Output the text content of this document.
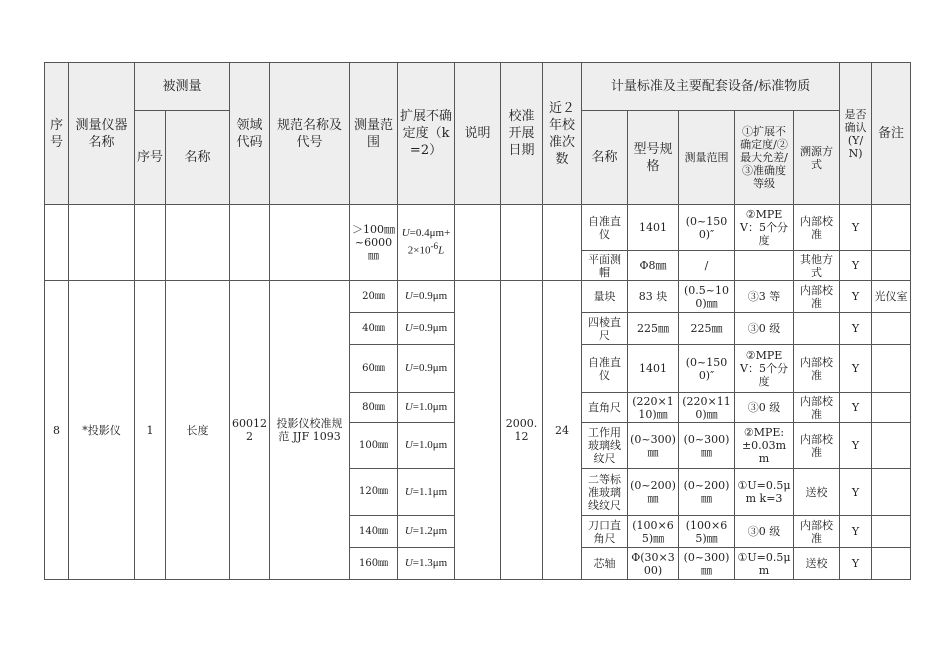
序号	测量仪器名称	被测量		领域代码	规范名称及代号	测量范围	扩展不确定度（k=2）	说明	校准开展日期	近２年校准次数	计量标准及主要配套设备/标准物质					是否确认(Y/N)	备注
		序号	名称								名称	型号规格	测量范围	①扩展不确定度/②最大允差/③准确度等级	溯源方式		
						＞100㎜~6000㎜	$U=0.4\mu m+2\times 10^{-6}L$				自准直仪	1401	(0~1500)″	②MPEV：5个分度	内部校准	Y	
											平面测帽	Φ8㎜	/		其他方式	Y	
8	*投影仪	1	长度	600122	投影仪校准规范 JJF 1093	20㎜	U=0.9μm		2000.12	24	量块	83 块	(0.5~100)㎜	③3 等	内部校准	Y	光仪室
						40㎜	U=0.9μm				四棱直尺	225㎜	225㎜	③0 级		Y	
						60㎜	U=0.9μm				自准直仪	1401	(0~1500)″	②MPEV：5个分度	内部校准	Y	
						80㎜	U=1.0μm				直角尺	(220×110)㎜	(220×110)㎜	③0 级	内部校准	Y	
						100㎜	U=1.0μm				工作用玻璃线纹尺	(0~300)㎜	(0~300)㎜	②MPE:±0.03mm	内部校准	Y	
						120㎜	U=1.1μm				二等标准玻璃线纹尺	(0~200)㎜	(0~200)㎜	①U=0.5μm k=3	送校	Y	
						140㎜	U=1.2μm				刀口直角尺	(100×65)㎜	(100×65)㎜	③0 级	内部校准	Y	
						160㎜	U=1.3μm				芯轴	Φ(30×300)	(0~300)㎜	①U=0.5μm	送校	Y	
